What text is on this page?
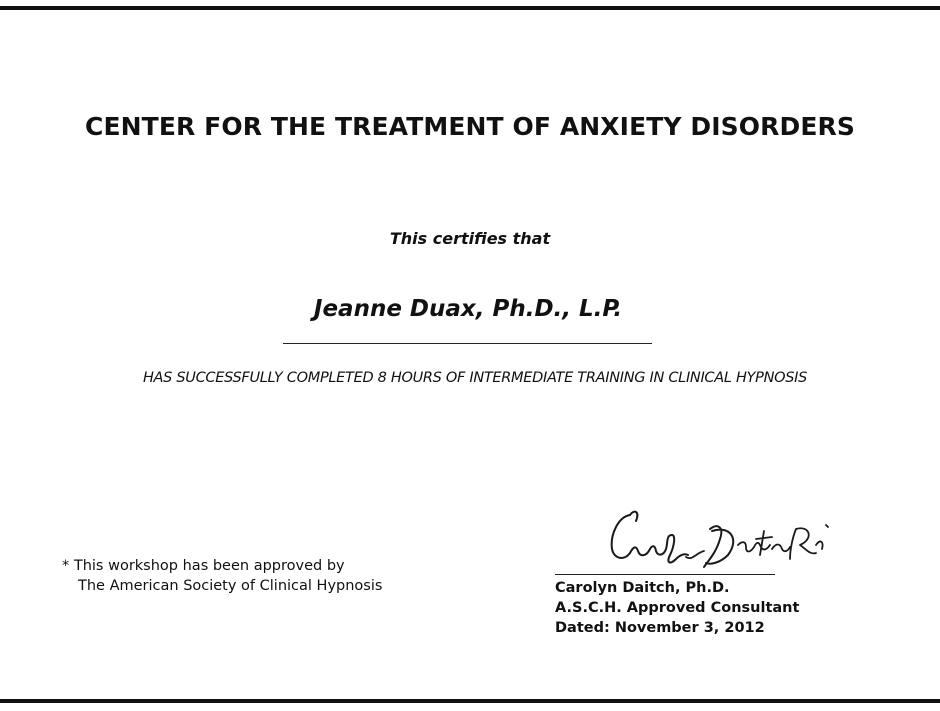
CENTER FOR THE TREATMENT OF ANXIETY DISORDERS
This certifies that
Jeanne Duax, Ph.D., L.P.
HAS SUCCESSFULLY COMPLETED 8 HOURS OF INTERMEDIATE TRAINING IN CLINICAL HYPNOSIS
* This workshop has been approved by
The American Society of Clinical Hypnosis	Carolyn Daitch, Ph.D.
A.S.C.H. Approved Consultant
Dated: November 3, 2012
